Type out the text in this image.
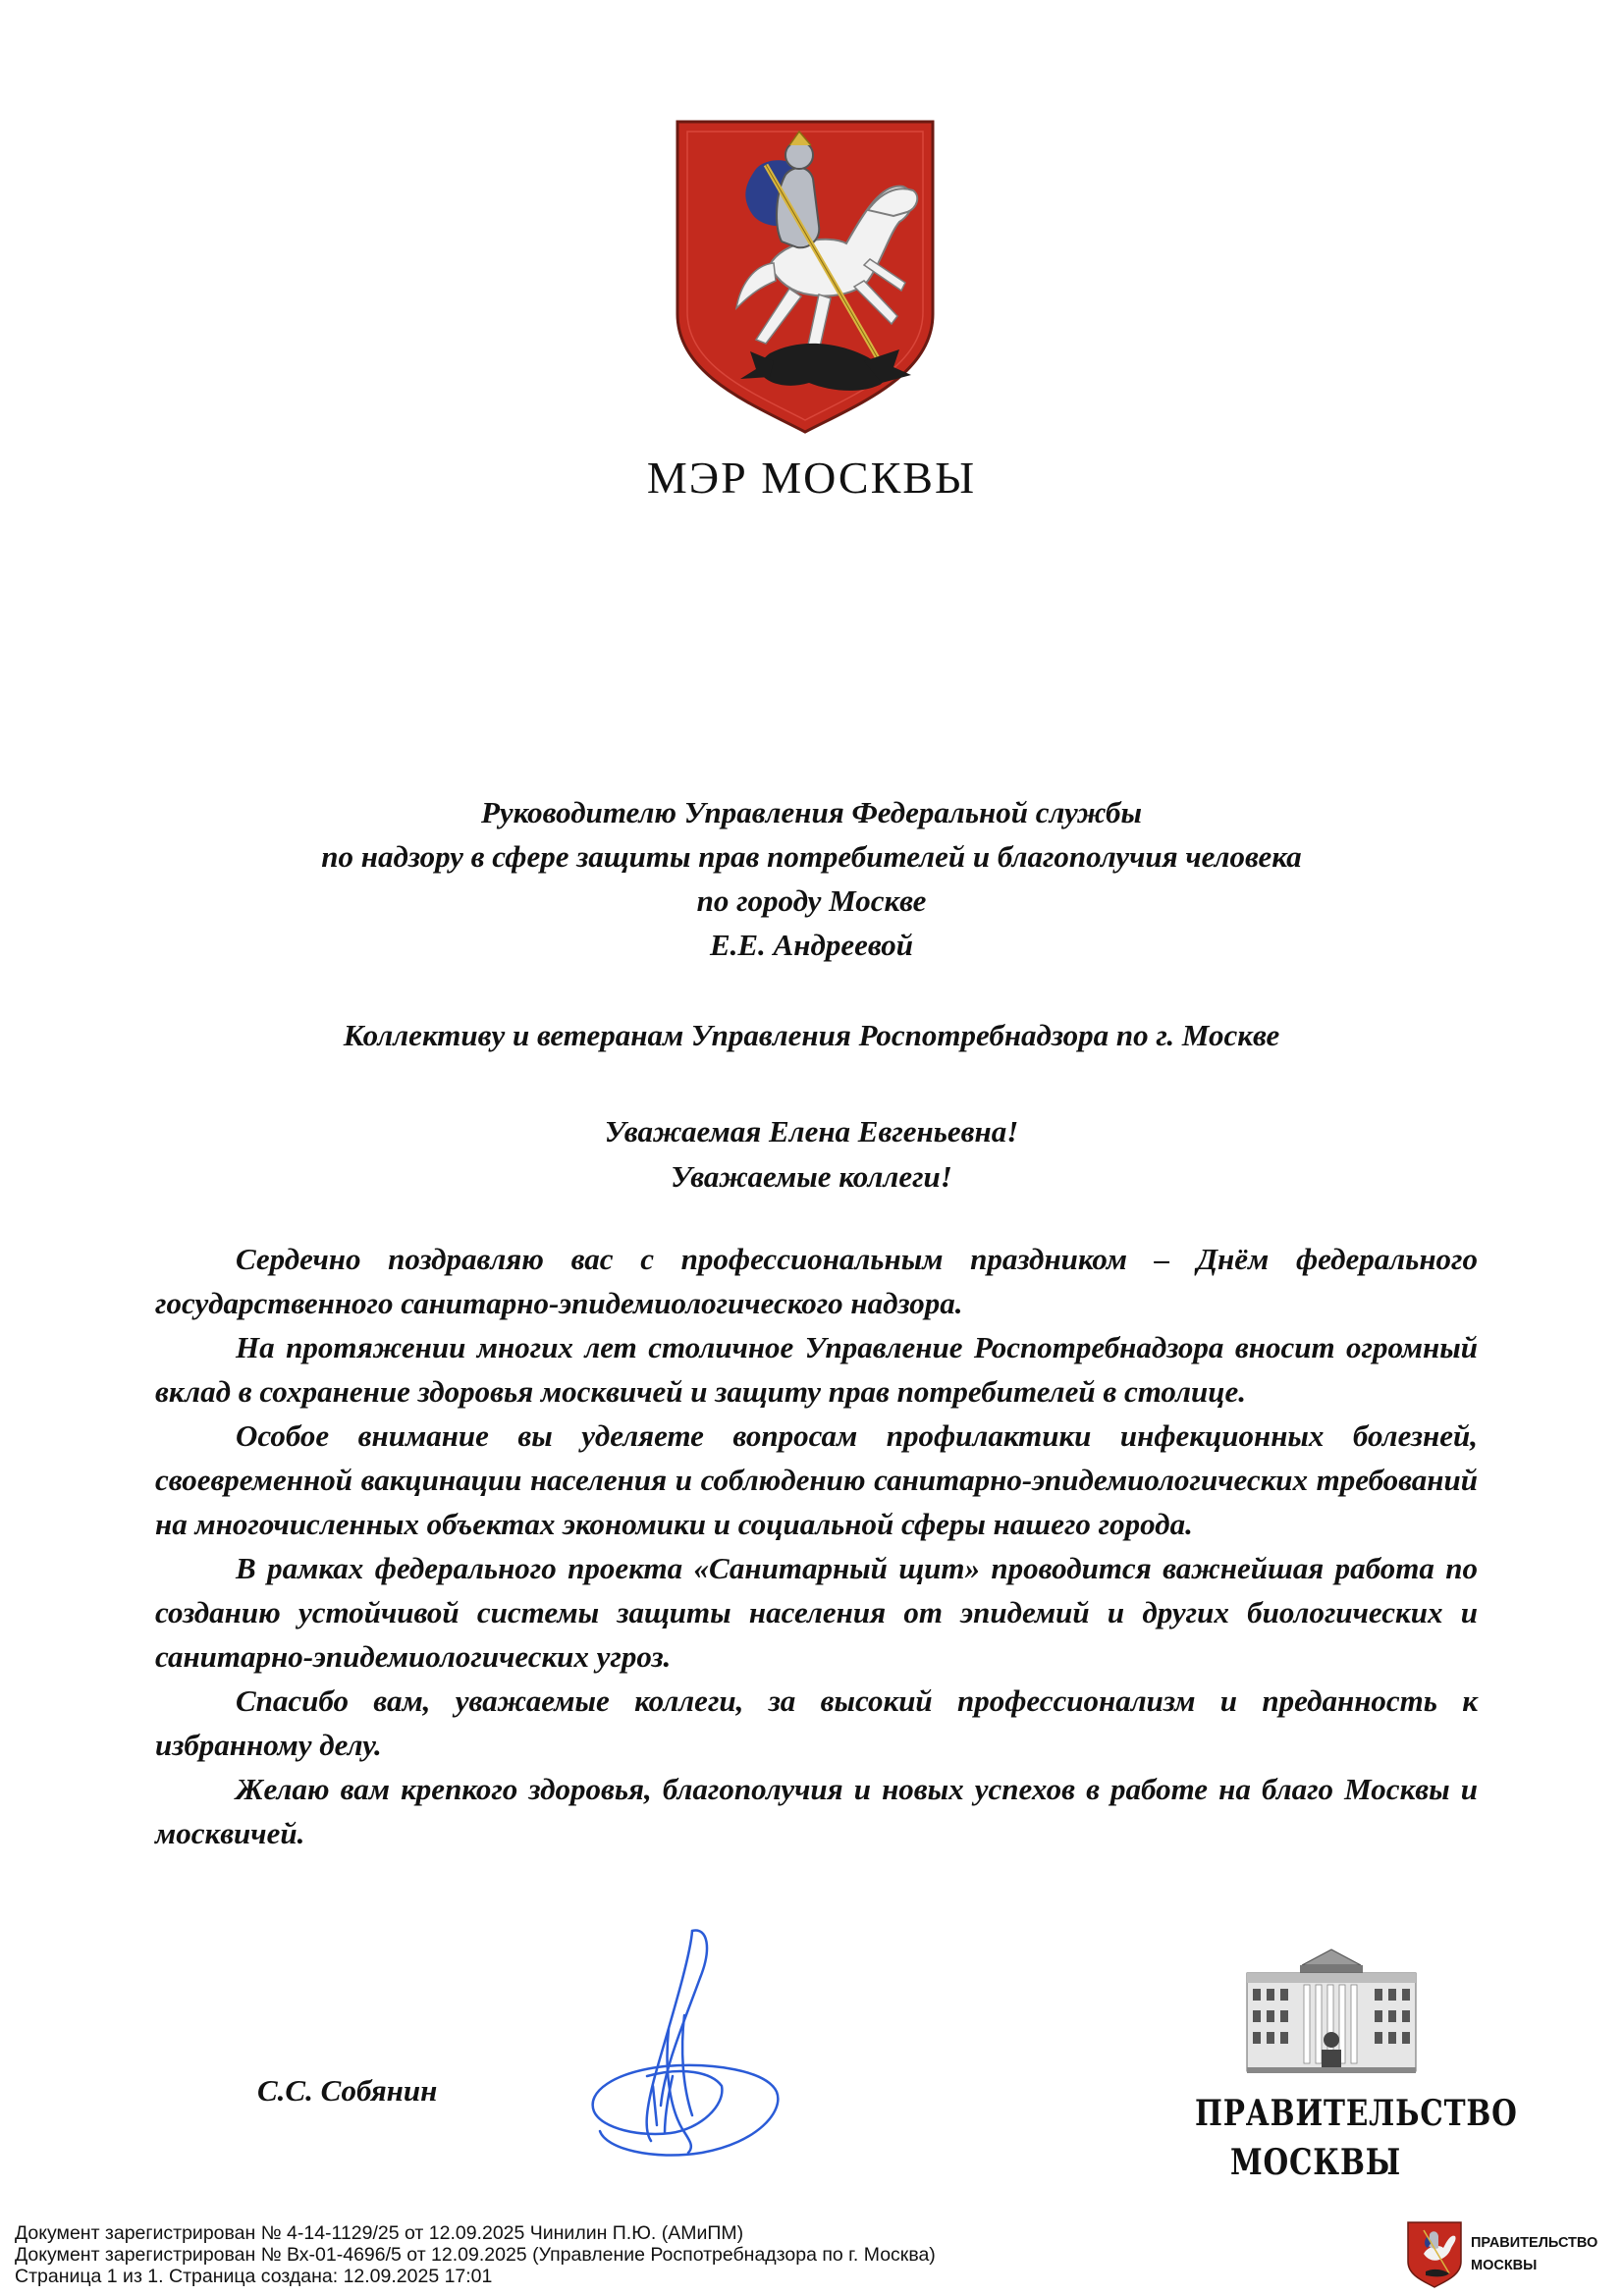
МЭР МОСКВЫ
Руководителю Управления Федеральной службы
по надзору в сфере защиты прав потребителей и благополучия человека
по городу Москве
Е.Е. Андреевой
Коллективу и ветеранам Управления Роспотребнадзора по г. Москве
Уважаемая Елена Евгеньевна!
Уважаемые коллеги!

Сердечно поздравляю вас с профессиональным праздником – Днём федерального государственного санитарно-эпидемиологического надзора.

На протяжении многих лет столичное Управление Роспотребнадзора вносит огромный вклад в сохранение здоровья москвичей и защиту прав потребителей в столице.

Особое внимание вы уделяете вопросам профилактики инфекционных болезней, своевременной вакцинации населения и соблюдению санитарно-эпидемиологических требований на многочисленных объектах экономики и социальной сферы нашего города.

В рамках федерального проекта «Санитарный щит» проводится важнейшая работа по созданию устойчивой системы защиты населения от эпидемий и других биологических и санитарно-эпидемиологических угроз.

Спасибо вам, уважаемые коллеги, за высокий профессионализм и преданность к избранному делу.

Желаю вам крепкого здоровья, благополучия и новых успехов в работе на благо Москвы и москвичей.

С.С. Собянин
ПРАВИТЕЛЬСТВО
МОСКВЫ
Документ зарегистрирован № 4-14-1129/25 от 12.09.2025 Чинилин П.Ю. (АМиПМ)
Документ зарегистрирован № Вх-01-4696/5 от 12.09.2025 (Управление Роспотребнадзора по г. Москва)
Страница 1 из 1. Страница создана: 12.09.2025 17:01
ПРАВИТЕЛЬСТВО
МОСКВЫ
